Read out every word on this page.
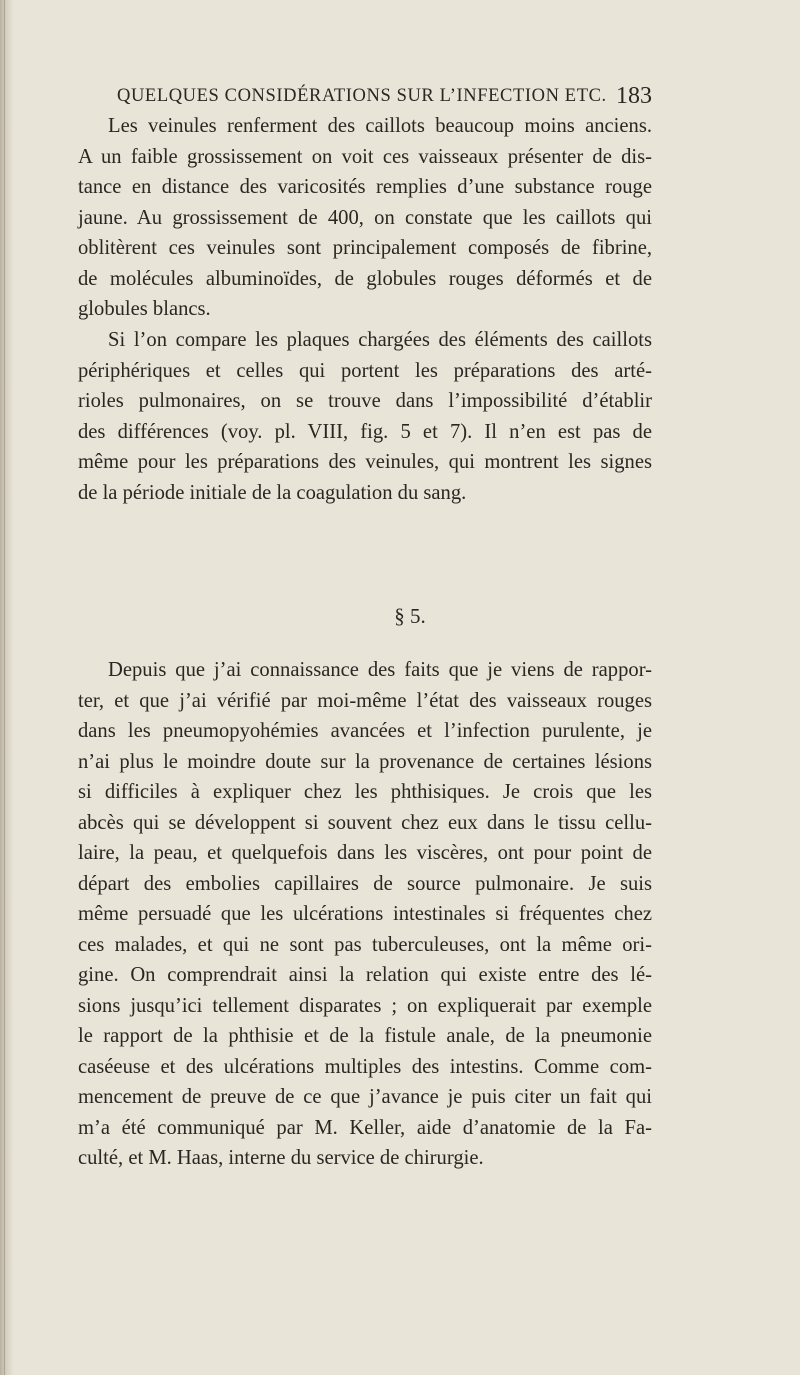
QUELQUES CONSIDÉRATIONS SUR L’INFECTION ETC. 183
Les veinules renferment des caillots beaucoup moins anciens.
A un faible grossissement on voit ces vaisseaux présenter de dis-
tance en distance des varicosités remplies d’une substance rouge
jaune. Au grossissement de 400, on constate que les caillots qui
oblitèrent ces veinules sont principalement composés de fibrine,
de molécules albuminoïdes, de globules rouges déformés et de
globules blancs.
Si l’on compare les plaques chargées des éléments des caillots
périphériques et celles qui portent les préparations des arté-
rioles pulmonaires, on se trouve dans l’impossibilité d’établir
des différences (voy. pl. VIII, fig. 5 et 7). Il n’en est pas de
même pour les préparations des veinules, qui montrent les signes
de la période initiale de la coagulation du sang.
§ 5.
Depuis que j’ai connaissance des faits que je viens de rappor-
ter, et que j’ai vérifié par moi-même l’état des vaisseaux rouges
dans les pneumopyohémies avancées et l’infection purulente, je
n’ai plus le moindre doute sur la provenance de certaines lésions
si difficiles à expliquer chez les phthisiques. Je crois que les
abcès qui se développent si souvent chez eux dans le tissu cellu-
laire, la peau, et quelquefois dans les viscères, ont pour point de
départ des embolies capillaires de source pulmonaire. Je suis
même persuadé que les ulcérations intestinales si fréquentes chez
ces malades, et qui ne sont pas tuberculeuses, ont la même ori-
gine. On comprendrait ainsi la relation qui existe entre des lé-
sions jusqu’ici tellement disparates ; on expliquerait par exemple
le rapport de la phthisie et de la fistule anale, de la pneumonie
caséeuse et des ulcérations multiples des intestins. Comme com-
mencement de preuve de ce que j’avance je puis citer un fait qui
m’a été communiqué par M. Keller, aide d’anatomie de la Fa-
culté, et M. Haas, interne du service de chirurgie.
